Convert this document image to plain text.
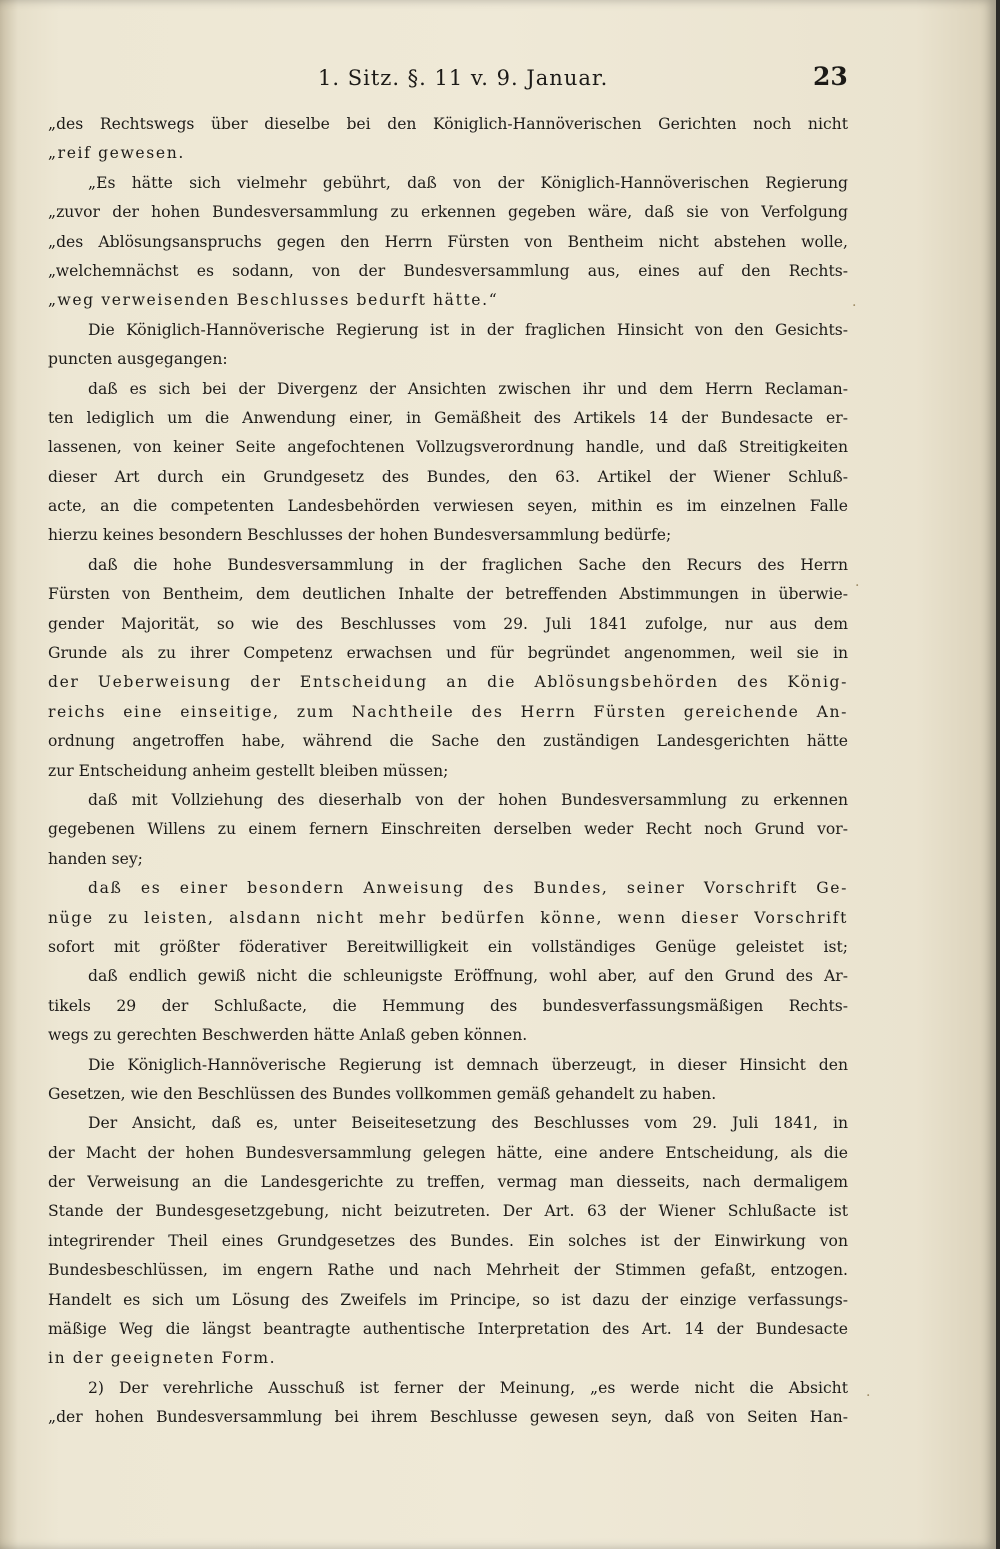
1. Sitz. §. 11 v. 9. Januar.	23
„des Rechtswegs über dieselbe bei den Königlich-Hannöverischen Gerichten noch nicht
„reif gewesen.
„Es hätte sich vielmehr gebührt, daß von der Königlich-Hannöverischen Regierung
„zuvor der hohen Bundesversammlung zu erkennen gegeben wäre, daß sie von Verfolgung
„des Ablösungsanspruchs gegen den Herrn Fürsten von Bentheim nicht abstehen wolle,
„welchemnächst es sodann, von der Bundesversammlung aus, eines auf den Rechts-
„weg verweisenden Beschlusses bedurft hätte.“
Die Königlich-Hannöverische Regierung ist in der fraglichen Hinsicht von den Gesichts-
puncten ausgegangen:
daß es sich bei der Divergenz der Ansichten zwischen ihr und dem Herrn Reclaman-
ten lediglich um die Anwendung einer, in Gemäßheit des Artikels 14 der Bundesacte er-
lassenen, von keiner Seite angefochtenen Vollzugsverordnung handle, und daß Streitigkeiten
dieser Art durch ein Grundgesetz des Bundes, den 63. Artikel der Wiener Schluß-
acte, an die competenten Landesbehörden verwiesen seyen, mithin es im einzelnen Falle
hierzu keines besondern Beschlusses der hohen Bundesversammlung bedürfe;
daß die hohe Bundesversammlung in der fraglichen Sache den Recurs des Herrn
Fürsten von Bentheim, dem deutlichen Inhalte der betreffenden Abstimmungen in überwie-
gender Majorität, so wie des Beschlusses vom 29. Juli 1841 zufolge, nur aus dem
Grunde als zu ihrer Competenz erwachsen und für begründet angenommen, weil sie in
der Ueberweisung der Entscheidung an die Ablösungsbehörden des König-
reichs eine einseitige, zum Nachtheile des Herrn Fürsten gereichende An-
ordnung angetroffen habe, während die Sache den zuständigen Landesgerichten hätte
zur Entscheidung anheim gestellt bleiben müssen;
daß mit Vollziehung des dieserhalb von der hohen Bundesversammlung zu erkennen
gegebenen Willens zu einem fernern Einschreiten derselben weder Recht noch Grund vor-
handen sey;
daß es einer besondern Anweisung des Bundes, seiner Vorschrift Ge-
nüge zu leisten, alsdann nicht mehr bedürfen könne, wenn dieser Vorschrift
sofort mit größter föderativer Bereitwilligkeit ein vollständiges Genüge geleistet ist;
daß endlich gewiß nicht die schleunigste Eröffnung, wohl aber, auf den Grund des Ar-
tikels 29 der Schlußacte, die Hemmung des bundesverfassungsmäßigen Rechts-
wegs zu gerechten Beschwerden hätte Anlaß geben können.
Die Königlich-Hannöverische Regierung ist demnach überzeugt, in dieser Hinsicht den
Gesetzen, wie den Beschlüssen des Bundes vollkommen gemäß gehandelt zu haben.
Der Ansicht, daß es, unter Beiseitesetzung des Beschlusses vom 29. Juli 1841, in
der Macht der hohen Bundesversammlung gelegen hätte, eine andere Entscheidung, als die
der Verweisung an die Landesgerichte zu treffen, vermag man diesseits, nach dermaligem
Stande der Bundesgesetzgebung, nicht beizutreten. Der Art. 63 der Wiener Schlußacte ist
integrirender Theil eines Grundgesetzes des Bundes. Ein solches ist der Einwirkung von
Bundesbeschlüssen, im engern Rathe und nach Mehrheit der Stimmen gefaßt, entzogen.
Handelt es sich um Lösung des Zweifels im Principe, so ist dazu der einzige verfassungs-
mäßige Weg die längst beantragte authentische Interpretation des Art. 14 der Bundesacte
in der geeigneten Form.
2) Der verehrliche Ausschuß ist ferner der Meinung, „es werde nicht die Absicht
„der hohen Bundesversammlung bei ihrem Beschlusse gewesen seyn, daß von Seiten Han-
·
·
·
